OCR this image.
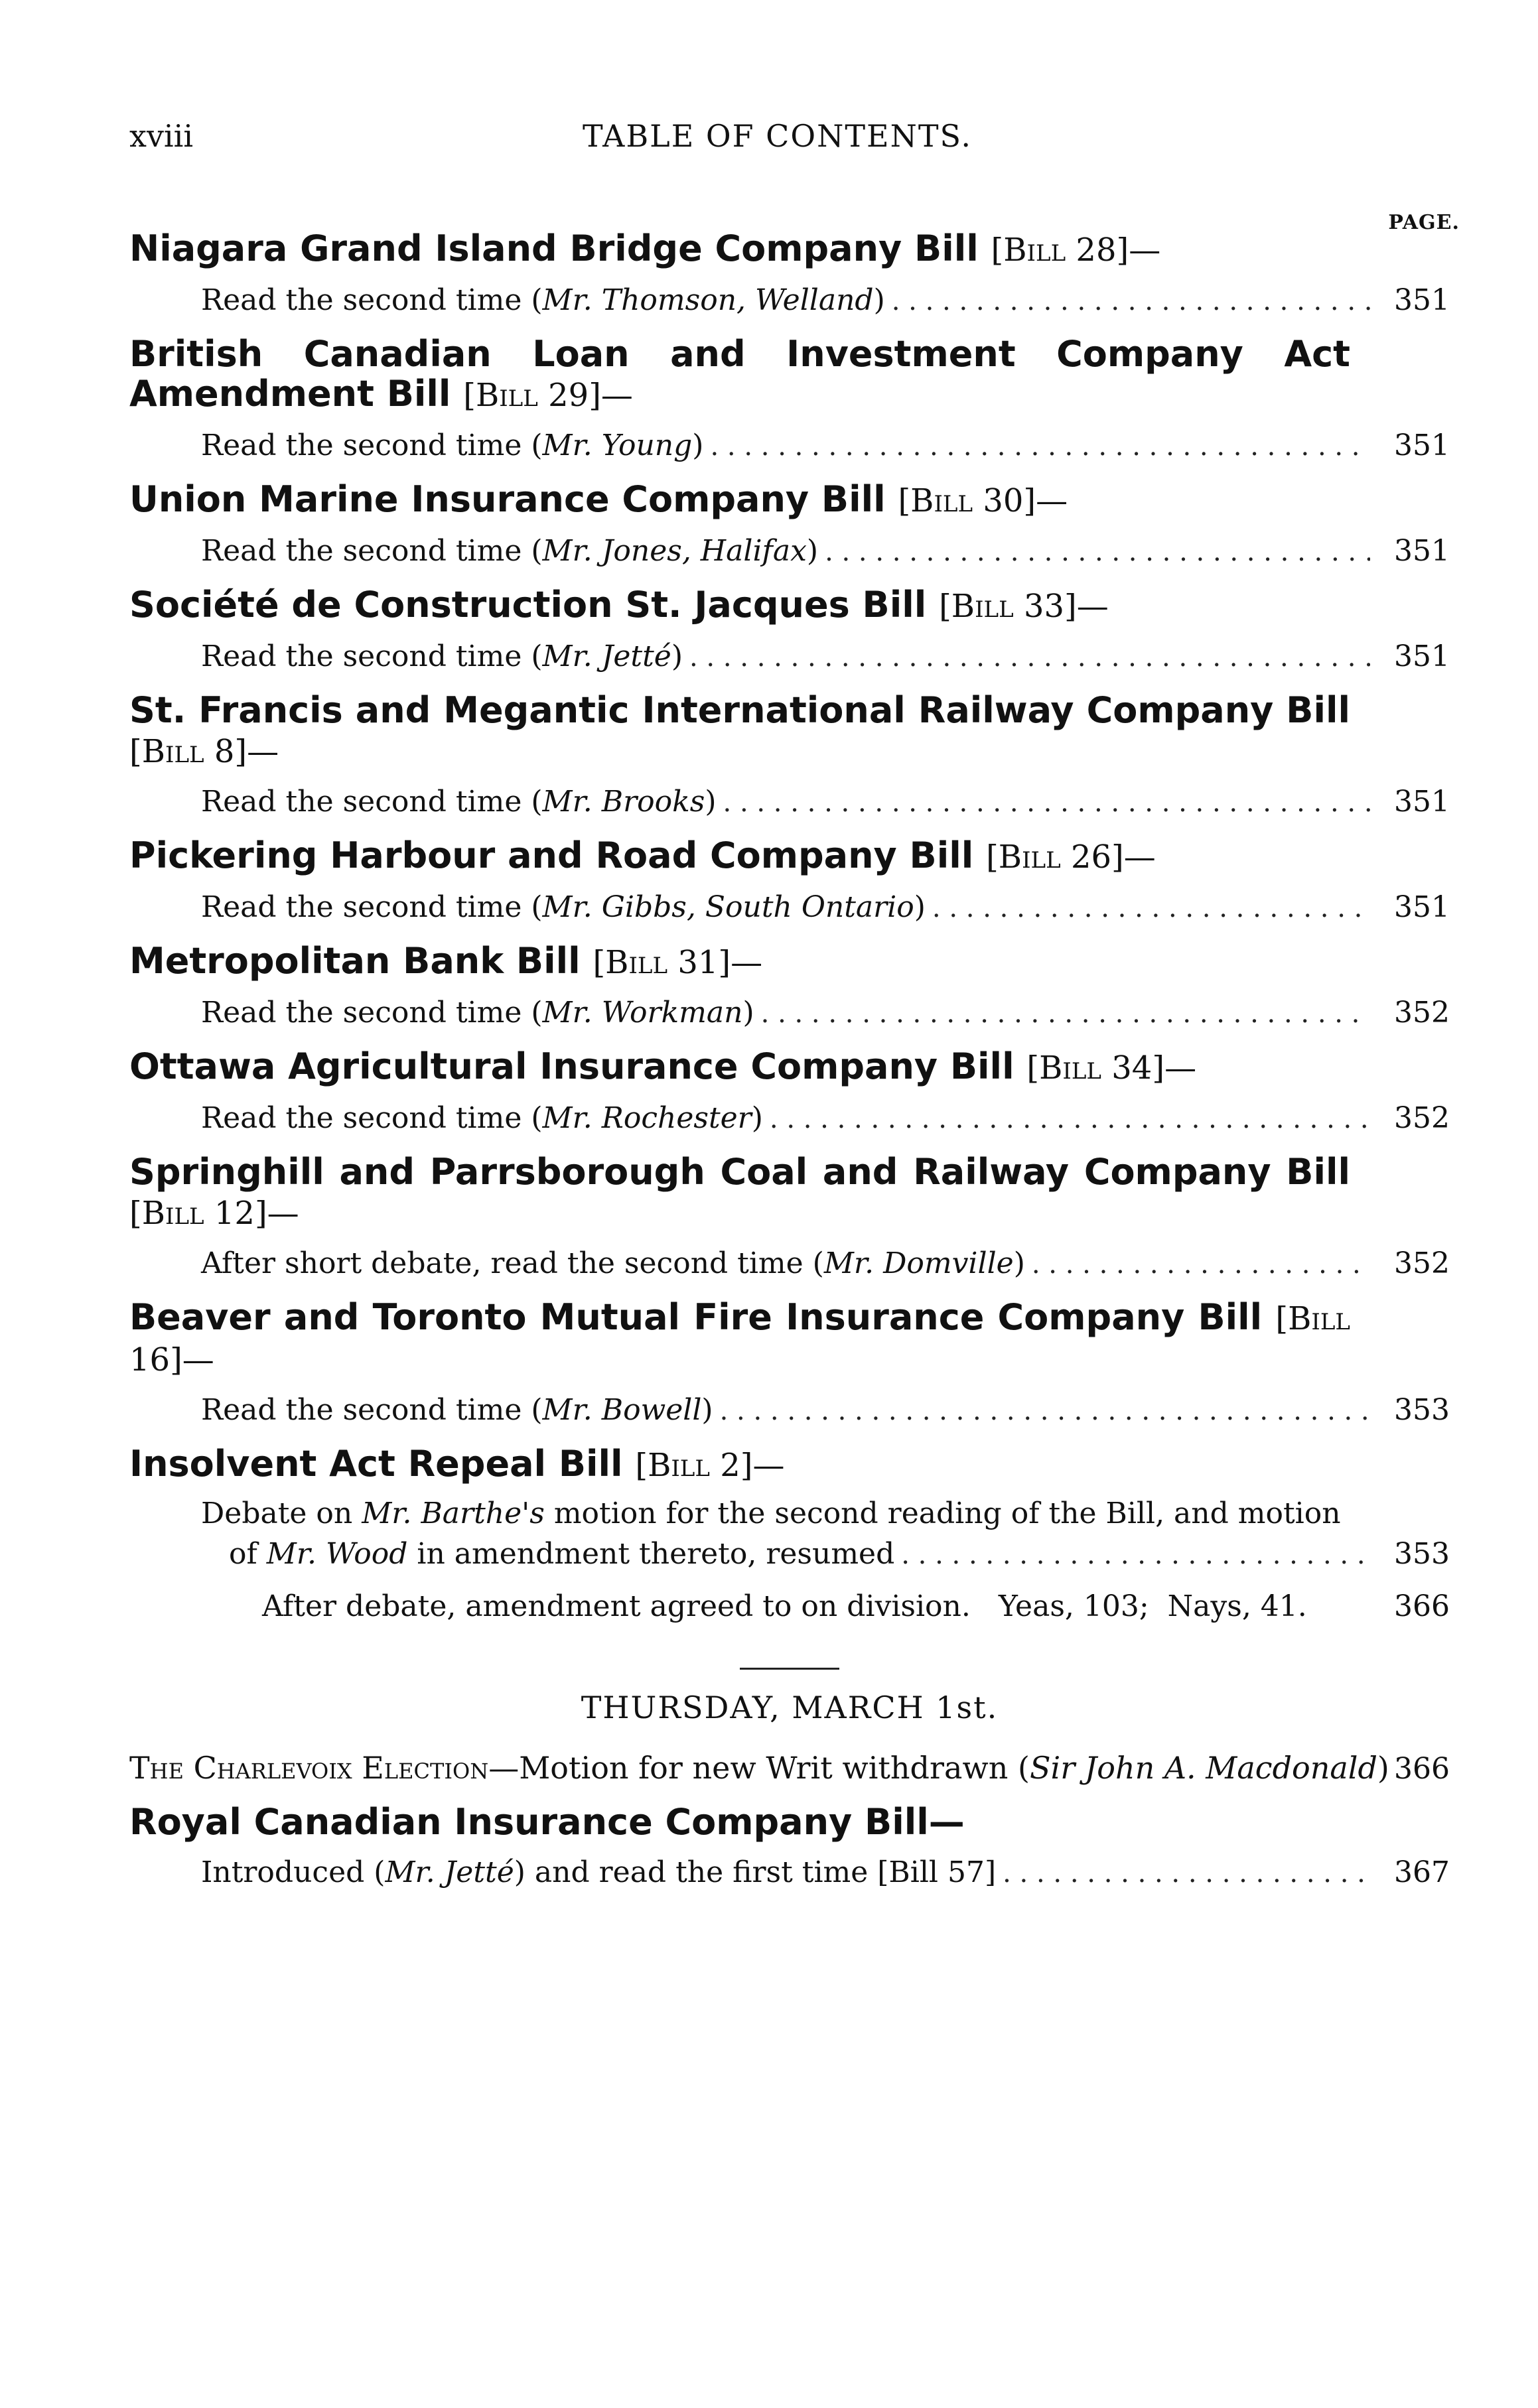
xviii	TABLE OF CONTENTS.
PAGE.
Niagara Grand Island Bridge Company Bill [Bill 28]—
Read the second time (Mr. Thomson, Welland) . . .	351
British Canadian Loan and Investment Company Act Amendment Bill [Bill 29]—
Read the second time (Mr. Young) . . .	351
Union Marine Insurance Company Bill [Bill 30]—
Read the second time (Mr. Jones, Halifax) . . .	351
Société de Construction St. Jacques Bill [Bill 33]—
Read the second time (Mr. Jetté) . . .	351
St. Francis and Megantic International Railway Company Bill [Bill 8]—
Read the second time (Mr. Brooks) . . .	351
Pickering Harbour and Road Company Bill [Bill 26]—
Read the second time (Mr. Gibbs, South Ontario) . . .	351
Metropolitan Bank Bill [Bill 31]—
Read the second time (Mr. Workman) . . .	352
Ottawa Agricultural Insurance Company Bill [Bill 34]—
Read the second time (Mr. Rochester) . . .	352
Springhill and Parrsborough Coal and Railway Company Bill [Bill 12]—
After short debate, read the second time (Mr. Domville) . . .	352
Beaver and Toronto Mutual Fire Insurance Company Bill [Bill 16]—
Read the second time (Mr. Bowell) . . .	353
Insolvent Act Repeal Bill [Bill 2]—
Debate on Mr. Barthe's motion for the second reading of the Bill, and motion
of Mr. Wood in amendment thereto, resumed . . .	353
After debate, amendment agreed to on division.   Yeas, 103;  Nays, 41.	366
THURSDAY, MARCH 1st.
The Charlevoix Election—Motion for new Writ withdrawn (Sir John A. Macdonald) 366
Royal Canadian Insurance Company Bill—
Introduced (Mr. Jetté) and read the first time [Bill 57] . . .	367
